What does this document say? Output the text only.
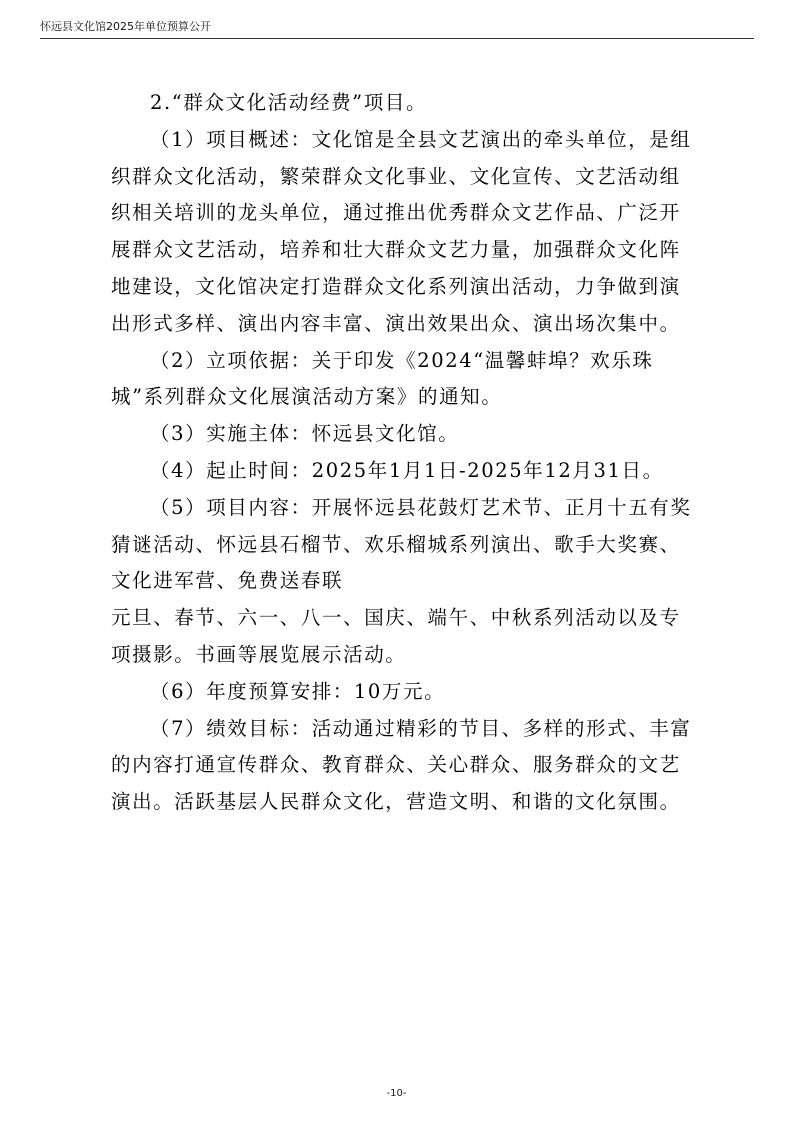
怀远县文化馆2025年单位预算公开

2.“群众文化活动经费”项目。

（1）项目概述：文化馆是全县文艺演出的牵头单位，是组

织群众文化活动，繁荣群众文化事业、文化宣传、文艺活动组

织相关培训的龙头单位，通过推出优秀群众文艺作品、广泛开

展群众文艺活动，培养和壮大群众文艺力量，加强群众文化阵

地建设，文化馆决定打造群众文化系列演出活动，力争做到演

出形式多样、演出内容丰富、演出效果出众、演出场次集中。

（2）立项依据：关于印发《2024“温馨蚌埠？欢乐珠

城”系列群众文化展演活动方案》的通知。

（3）实施主体：怀远县文化馆。

（4）起止时间：2025年1月1日-2025年12月31日。

（5）项目内容：开展怀远县花鼓灯艺术节、正月十五有奖

猜谜活动、怀远县石榴节、欢乐榴城系列演出、歌手大奖赛、

文化进军营、免费送春联

元旦、春节、六一、八一、国庆、端午、中秋系列活动以及专

项摄影。书画等展览展示活动。

（6）年度预算安排：10万元。

（7）绩效目标：活动通过精彩的节目、多样的形式、丰富

的内容打通宣传群众、教育群众、关心群众、服务群众的文艺

演出。活跃基层人民群众文化，营造文明、和谐的文化氛围。

-10-
